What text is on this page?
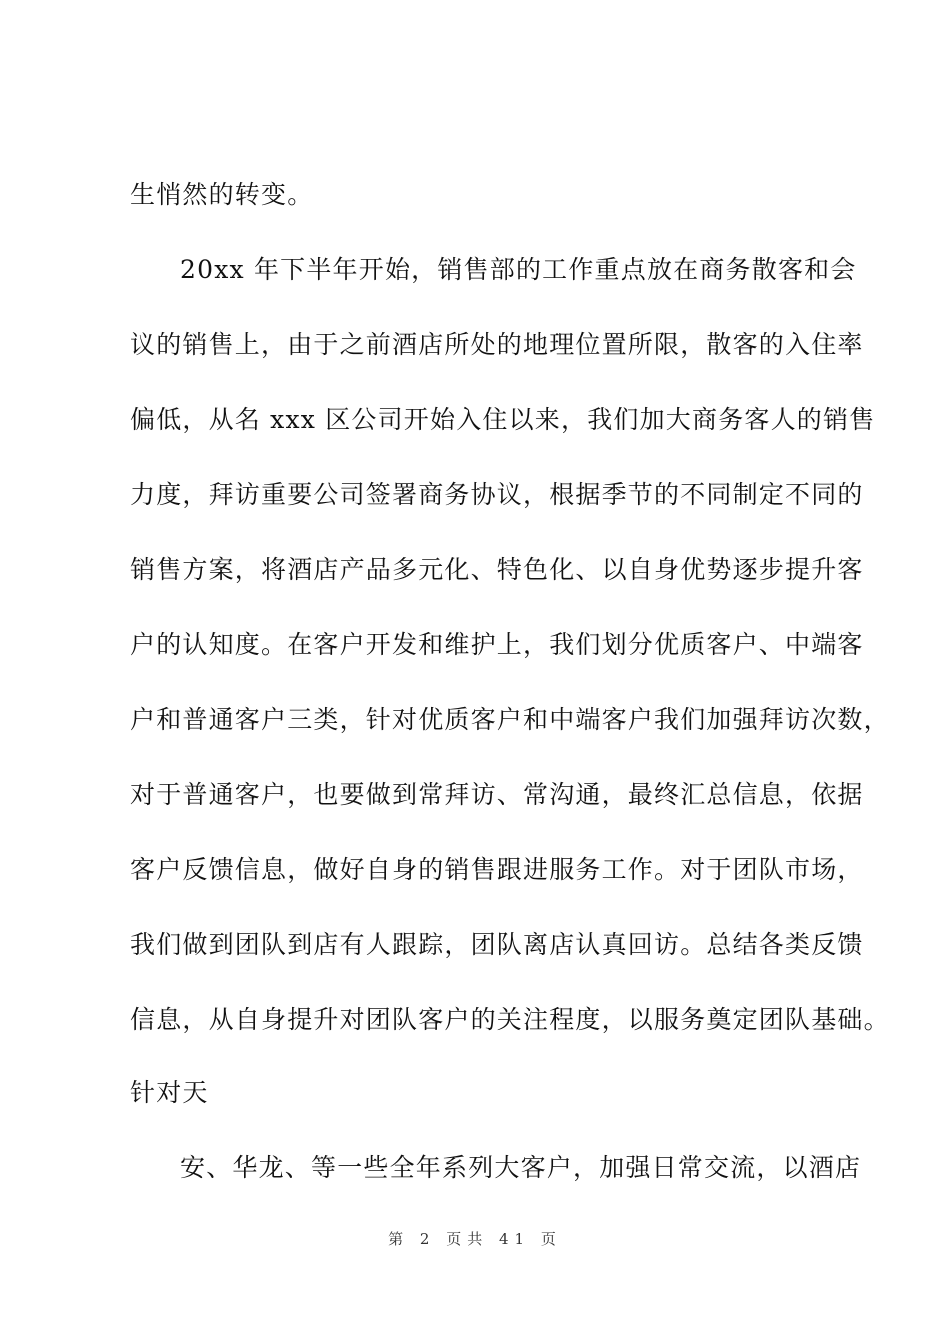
生悄然的转变。
20xx 年下半年开始，销售部的工作重点放在商务散客和会
议的销售上，由于之前酒店所处的地理位置所限，散客的入住率
偏低，从名 xxx 区公司开始入住以来，我们加大商务客人的销售
力度，拜访重要公司签署商务协议，根据季节的不同制定不同的
销售方案，将酒店产品多元化、特色化、以自身优势逐步提升客
户的认知度。在客户开发和维护上，我们划分优质客户、中端客
户和普通客户三类，针对优质客户和中端客户我们加强拜访次数，
对于普通客户，也要做到常拜访、常沟通，最终汇总信息，依据
客户反馈信息，做好自身的销售跟进服务工作。对于团队市场，
我们做到团队到店有人跟踪，团队离店认真回访。总结各类反馈
信息，从自身提升对团队客户的关注程度，以服务奠定团队基础。
针对天
安、华龙、等一些全年系列大客户，加强日常交流，以酒店
第 2 页共 41 页
